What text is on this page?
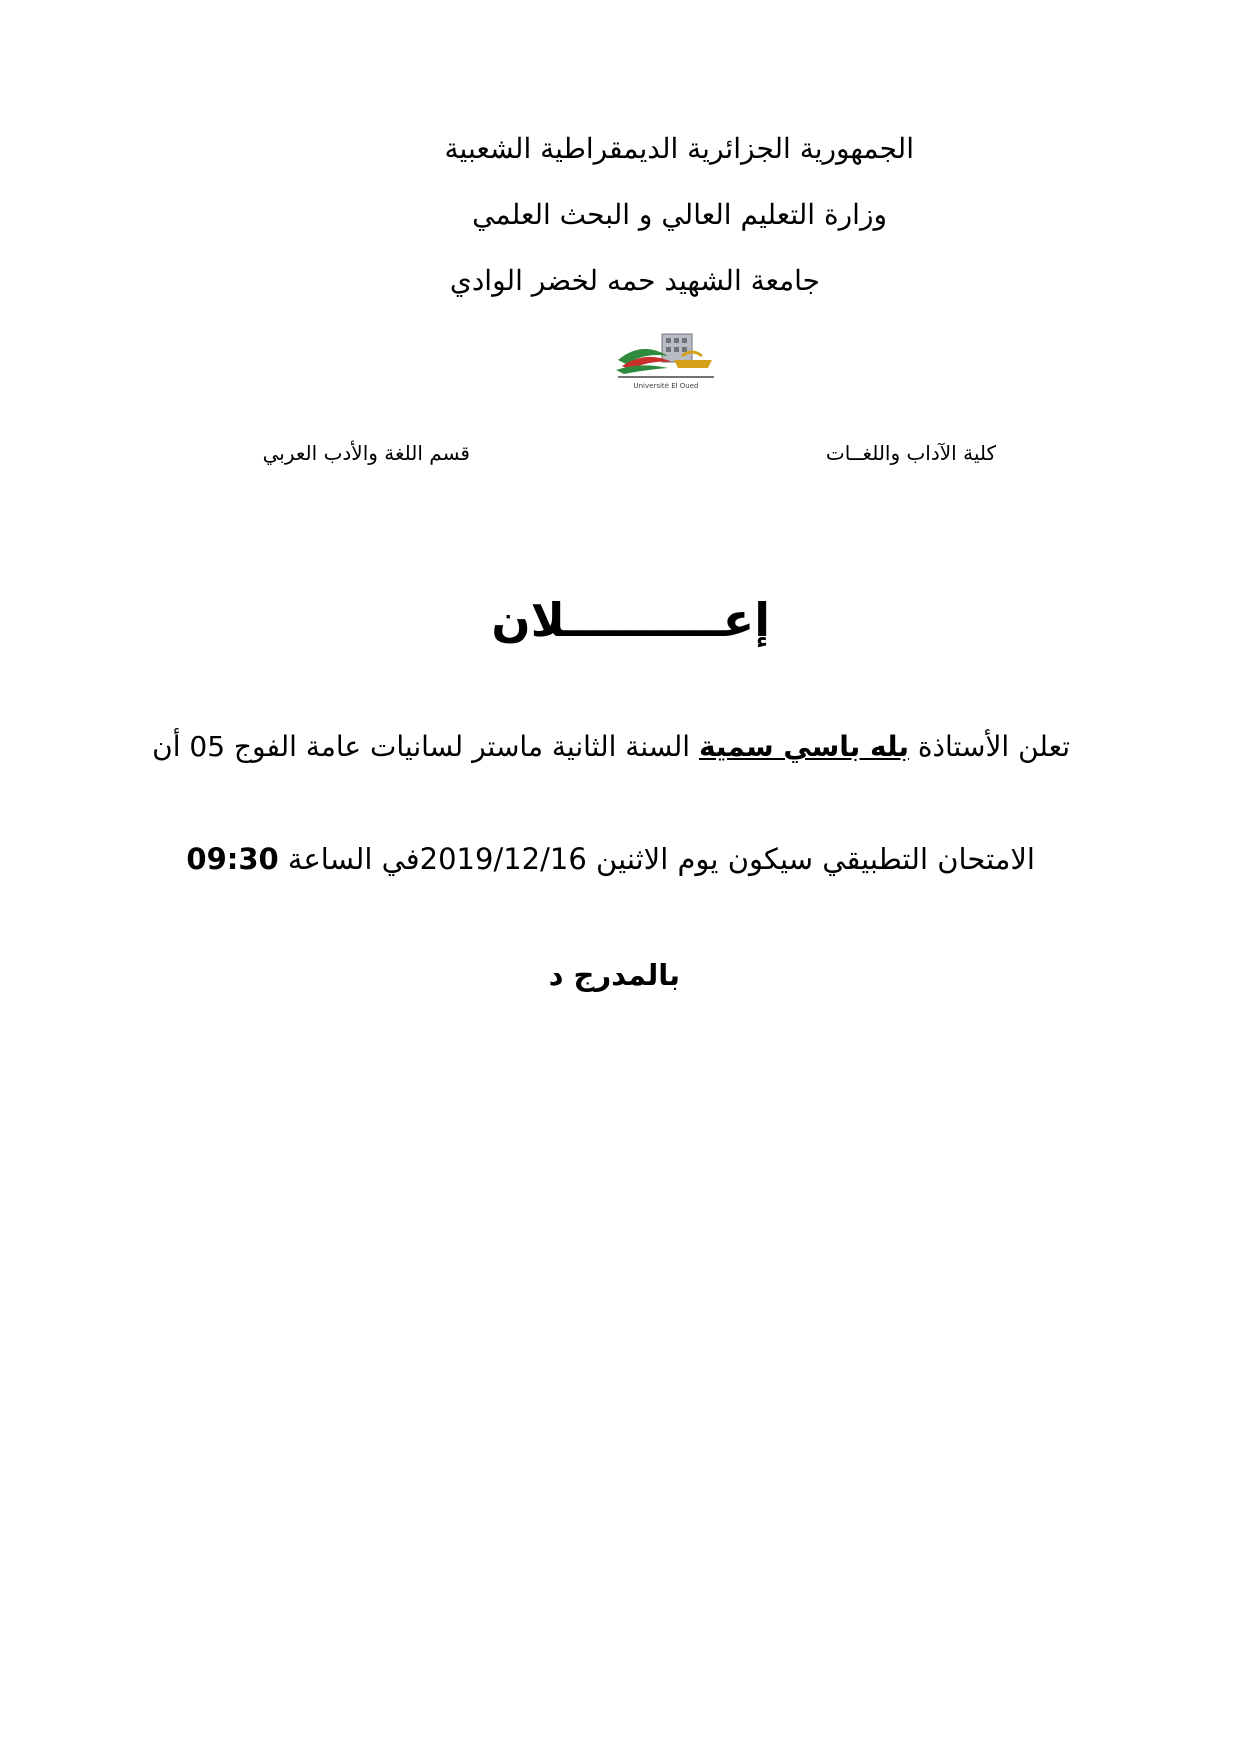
الجمهورية الجزائرية الديمقراطية الشعبية
وزارة التعليم العالي و البحث العلمي
جامعة الشهيد حمه لخضر الوادي
Université El Oued
كلية الآداب واللغــات
قسم اللغة والأدب العربي
إعــــــــــلان
تعلن الأستاذة بله باسي سمية السنة الثانية ماستر لسانيات عامة الفوج 05 أن
الامتحان التطبيقي سيكون يوم الاثنين 2019/12/16في الساعة 09:30
بالمدرج د
